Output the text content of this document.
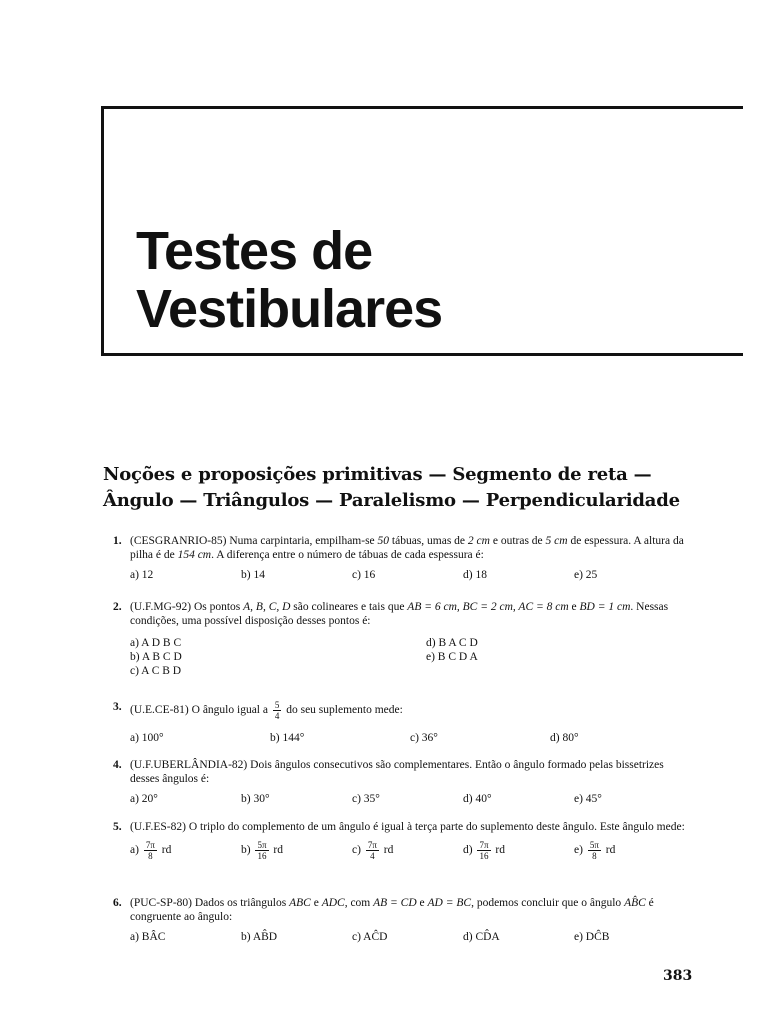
Testes de
Vestibulares
Noções e proposições primitivas — Segmento de reta —
Ângulo — Triângulos — Paralelismo — Perpendicularidade
1. (CESGRANRIO-85) Numa carpintaria, empilham-se 50 tábuas, umas de 2 cm e outras de 5 cm de espessura. A altura da pilha é de 154 cm. A diferença entre o número de tábuas de cada espessura é:
a) 12	b) 14	c) 16	d) 18	e) 25
2. (U.F.MG-92) Os pontos A, B, C, D são colineares e tais que AB = 6 cm, BC = 2 cm, AC = 8 cm e BD = 1 cm. Nessas condições, uma possível disposição desses pontos é:
a) A D B C
b) A B C D
c) A C B D
d) B A C D
e) B C D A
3. (U.E.CE-81) O ângulo igual a $\frac{5}{4}$ do seu suplemento mede:
a) 100°	b) 144°	c) 36°	d) 80°
4. (U.F.UBERLÂNDIA-82) Dois ângulos consecutivos são complementares. Então o ângulo formado pelas bissetrizes desses ângulos é:
a) 20°	b) 30°	c) 35°	d) 40°	e) 45°
5. (U.F.ES-82) O triplo do complemento de um ângulo é igual à terça parte do suplemento deste ângulo. Este ângulo mede:
$a) \frac{7\pi}{8}$ rd	$b) \frac{5\pi}{16}$ rd	$c) \frac{7\pi}{4}$ rd	$d) \frac{7\pi}{16}$ rd	$e) \frac{5\pi}{8}$ rd
6. (PUC-SP-80) Dados os triângulos ABC e ADC, com AB = CD e AD = BC, podemos concluir que o ângulo AB̂C é congruente ao ângulo:
a) BÂC	b) AB̂D	c) AĈD	d) CD̂A	e) DĈB
383
